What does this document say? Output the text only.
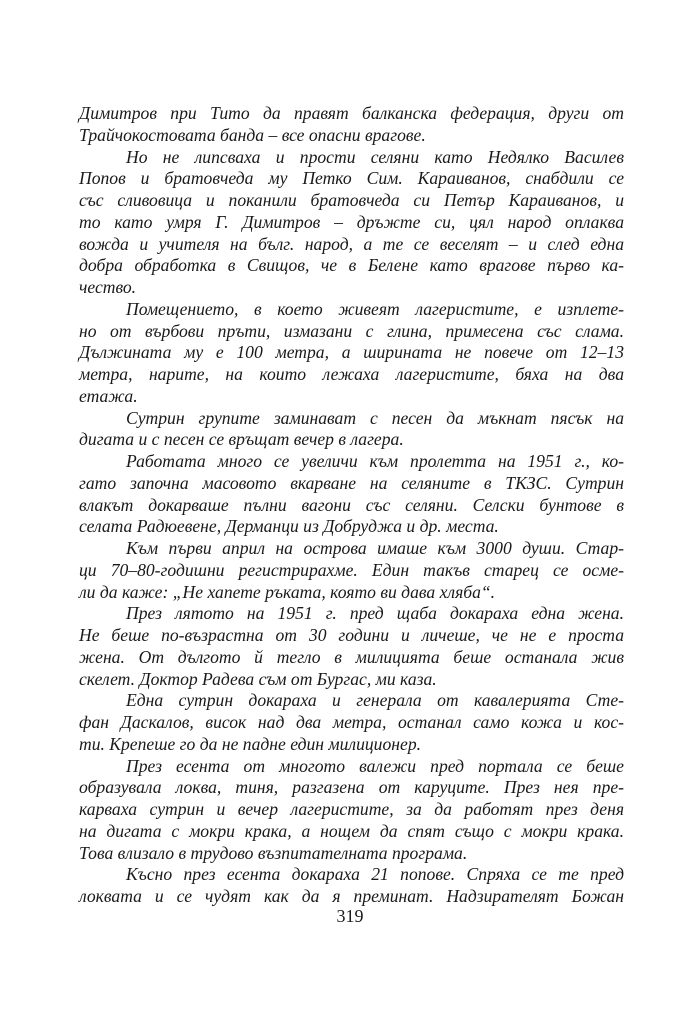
Димитров при Тито да правят балканска федерация, други от
Трайчокостовата банда – все опасни врагове.
Но не липсваха и прости селяни като Недялко Василев
Попов и братовчеда му Петко Сим. Караиванов, снабдили се
със сливовица и поканили братовчеда си Петър Караиванов, и
то като умря Г. Димитров – дръжте си, цял народ оплаква
вожда и учителя на бълг. народ, а те се веселят – и след една
добра обработка в Свищов, че в Белене като врагове първо ка-
чество.
Помещението, в което живеят лагеристите, е изплете-
но от върбови пръти, измазани с глина, примесена със слама.
Дължината му е 100 метра, а ширината не повече от 12–13
метра, нарите, на които лежаха лагеристите, бяха на два
етажа.
Сутрин групите заминават с песен да мъкнат пясък на
дигата и с песен се връщат вечер в лагера.
Работата много се увеличи към пролетта на 1951 г., ко-
гато започна масовото вкарване на селяните в ТКЗС. Сутрин
влакът докарваше пълни вагони със селяни. Селски бунтове в
селата Радюевене, Дерманци из Добруджа и др. места.
Към първи април на острова имаше към 3000 души. Стар-
ци 70–80-годишни регистрирахме. Един такъв старец се осме-
ли да каже: „Не хапете ръката, която ви дава хляба“.
През лятото на 1951 г. пред щаба докараха една жена.
Не беше по-възрастна от 30 години и личеше, че не е проста
жена. От дългото й тегло в милицията беше останала жив
скелет. Доктор Радева съм от Бургас, ми каза.
Една сутрин докараха и генерала от кавалерията Сте-
фан Даскалов, висок над два метра, останал само кожа и кос-
ти. Крепеше го да не падне един милиционер.
През есента от многото валежи пред портала се беше
образувала локва, тиня, разгазена от каруците. През нея пре-
карваха сутрин и вечер лагеристите, за да работят през деня
на дигата с мокри крака, а нощем да спят също с мокри крака.
Това влизало в трудово възпитателната програма.
Късно през есента докараха 21 попове. Спряха се те пред
локвата и се чудят как да я преминат. Надзирателят Божан
319
